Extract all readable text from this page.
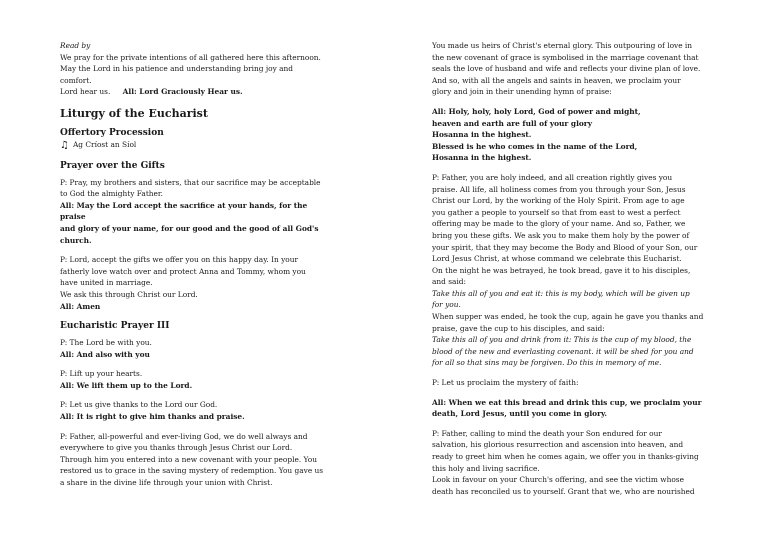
Read by

We pray for the private intentions of all gathered here this afternoon.

May the Lord in his patience and understanding bring joy and

comfort.

Lord hear us. All: Lord Graciously Hear us.

Liturgy of the Eucharist
Offertory Procession

♫ Ag Críost an Síol

Prayer over the Gifts

P: Pray, my brothers and sisters, that our sacrifice may be acceptable

to God the almighty Father.

All: May the Lord accept the sacrifice at your hands, for the praise

and glory of your name, for our good and the good of all God's church.

P: Lord, accept the gifts we offer you on this happy day. In your

fatherly love watch over and protect Anna and Tommy, whom you

have united in marriage.

We ask this through Christ our Lord.

All: Amen

Eucharistic Prayer III

P: The Lord be with you.

All: And also with you

P: Lift up your hearts.

All: We lift them up to the Lord.

P: Let us give thanks to the Lord our God.

All: It is right to give him thanks and praise.

P: Father, all-powerful and ever-living God, we do well always and

everywhere to give you thanks through Jesus Christ our Lord.

Through him you entered into a new covenant with your people. You

restored us to grace in the saving mystery of redemption. You gave us

a share in the divine life through your union with Christ.

You made us heirs of Christ's eternal glory. This outpouring of love in

the new covenant of grace is symbolised in the marriage covenant that

seals the love of husband and wife and reflects your divine plan of love.

And so, with all the angels and saints in heaven, we proclaim your

glory and join in their unending hymn of praise:

All: Holy, holy, holy Lord, God of power and might,

heaven and earth are full of your glory

Hosanna in the highest.

Blessed is he who comes in the name of the Lord,

Hosanna in the highest.

P: Father, you are holy indeed, and all creation rightly gives you

praise. All life, all holiness comes from you through your Son, Jesus

Christ our Lord, by the working of the Holy Spirit. From age to age

you gather a people to yourself so that from east to west a perfect

offering may be made to the glory of your name. And so, Father, we

bring you these gifts. We ask you to make them holy by the power of

your spirit, that they may become the Body and Blood of your Son, our

Lord Jesus Christ, at whose command we celebrate this Eucharist.

On the night he was betrayed, he took bread, gave it to his disciples,

and said:

Take this all of you and eat it: this is my body, which will be given up

for you.

When supper was ended, he took the cup, again he gave you thanks and

praise, gave the cup to his disciples, and said:

Take this all of you and drink from it: This is the cup of my blood, the

blood of the new and everlasting covenant. it will be shed for you and

for all so that sins may be forgiven. Do this in memory of me.

P: Let us proclaim the mystery of faith:

All: When we eat this bread and drink this cup, we proclaim your

death, Lord Jesus, until you come in glory.

P: Father, calling to mind the death your Son endured for our

salvation, his glorious resurrection and ascension into heaven, and

ready to greet him when he comes again, we offer you in thanks-giving

this holy and living sacrifice.

Look in favour on your Church's offering, and see the victim whose

death has reconciled us to yourself. Grant that we, who are nourished
